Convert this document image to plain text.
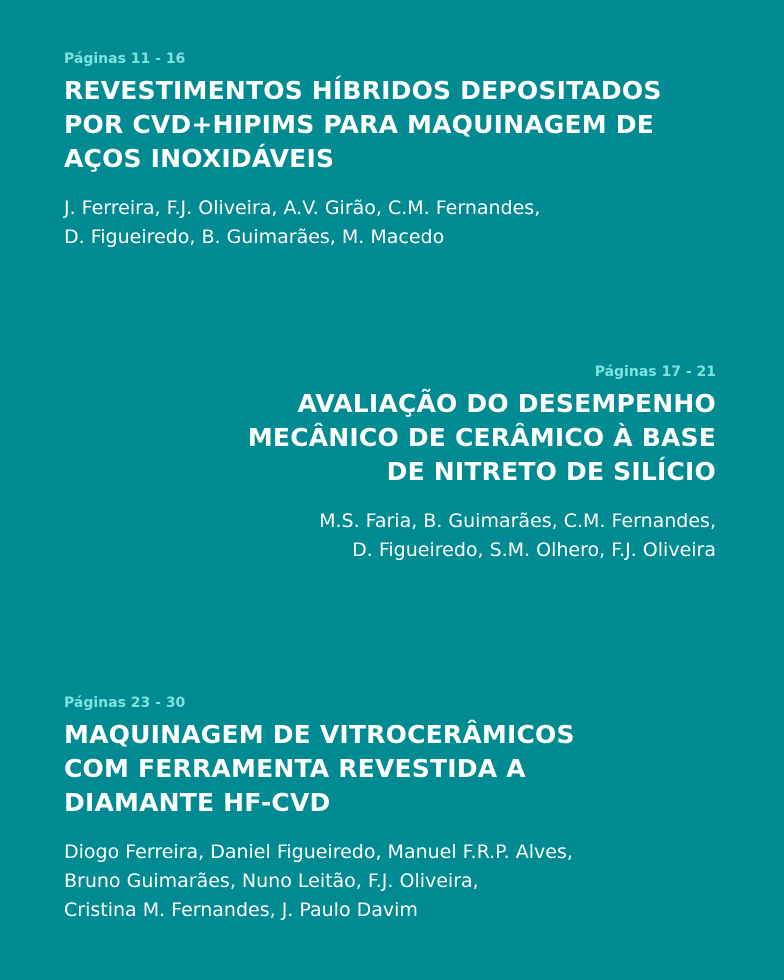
Páginas 11 - 16
REVESTIMENTOS HÍBRIDOS DEPOSITADOS
POR CVD+HIPIMS PARA MAQUINAGEM DE
AÇOS INOXIDÁVEIS
J. Ferreira, F.J. Oliveira, A.V. Girão, C.M. Fernandes,
D. Figueiredo, B. Guimarães, M. Macedo
Páginas 17 - 21
AVALIAÇÃO DO DESEMPENHO
MECÂNICO DE CERÂMICO À BASE
DE NITRETO DE SILÍCIO
M.S. Faria, B. Guimarães, C.M. Fernandes,
D. Figueiredo, S.M. Olhero, F.J. Oliveira
Páginas 23 - 30
MAQUINAGEM DE VITROCERÂMICOS
COM FERRAMENTA REVESTIDA A
DIAMANTE HF-CVD
Diogo Ferreira, Daniel Figueiredo, Manuel F.R.P. Alves,
Bruno Guimarães, Nuno Leitão, F.J. Oliveira,
Cristina M. Fernandes, J. Paulo Davim
